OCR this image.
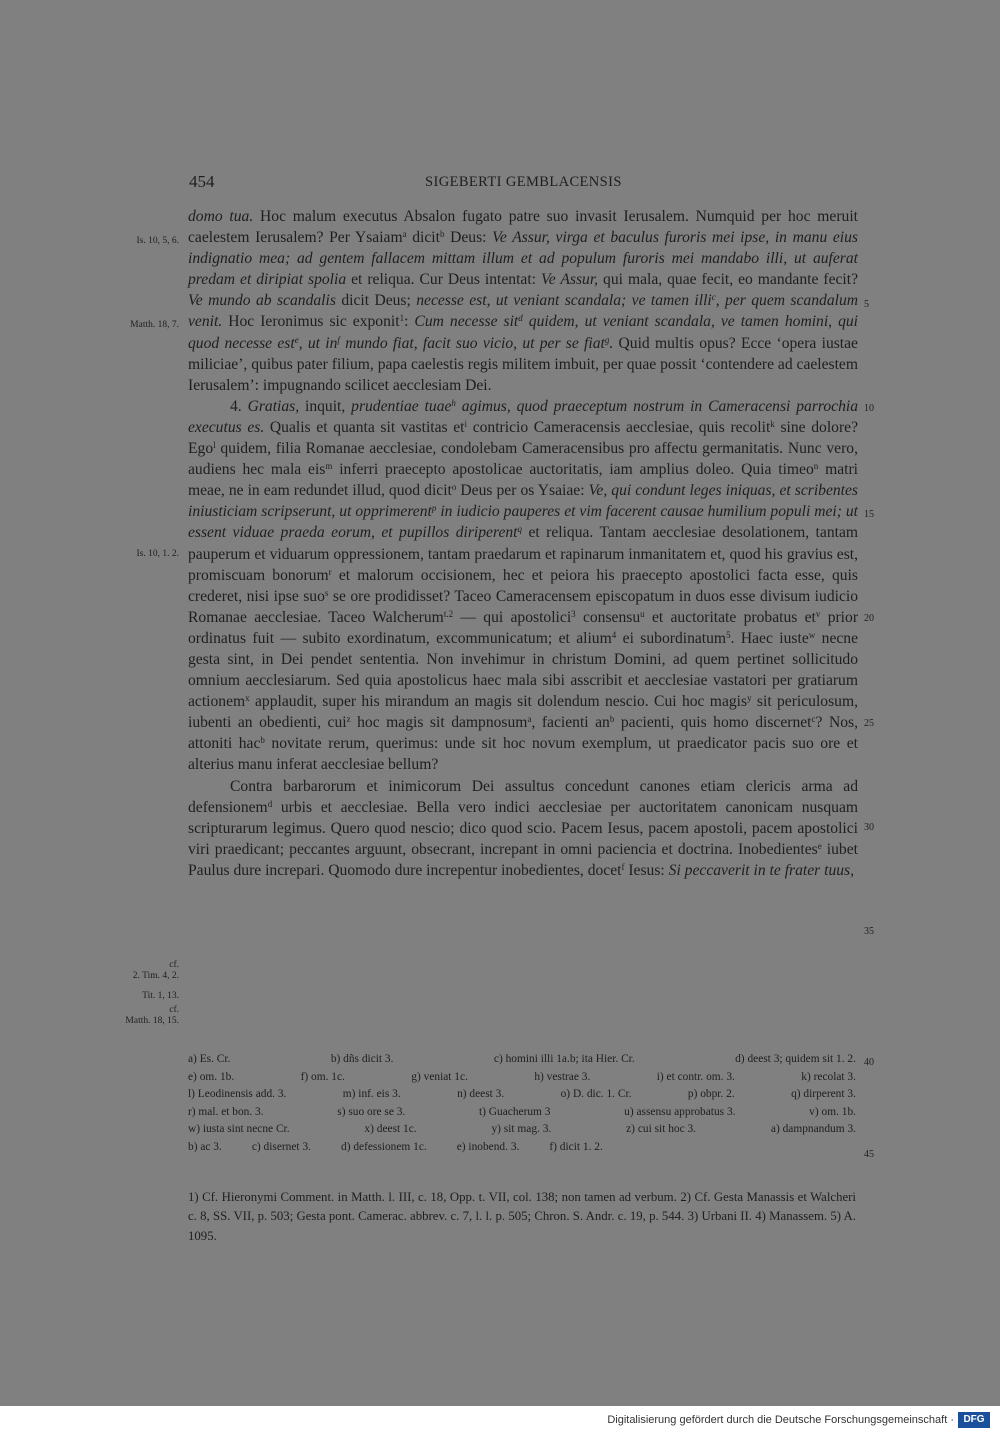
454	SIGEBERTI GEMBLACENSIS
Is. 10, 5, 6.
Matth. 18, 7.
Is. 10, 1. 2.
cf.
2. Tim. 4, 2.
Tit. 1, 13.
cf.
Matth. 18, 15.
5
10
15
20
25
30
35
40
45

domo tua. Hoc malum executus Absalon fugato patre suo invasit Ierusalem. Numquid per hoc meruit caelestem Ierusalem? Per Ysaiam$^a$ dicit$^b$ Deus: Ve Assur, virga et baculus furoris mei ipse, in manu eius indignatio mea; ad gentem fallacem mittam illum et ad populum furoris mei mandabo illi, ut auferat predam et diripiat spolia et reliqua. Cur Deus intentat: Ve Assur, qui mala, quae fecit, eo mandante fecit? Ve mundo ab scandalis dicit Deus; necesse est, ut veniant scandala; ve tamen illi$^c$, per quem scandalum venit. Hoc Ieronimus sic exponit$^1$: Cum necesse sit$^d$ quidem, ut veniant scandala, ve tamen homini, qui quod necesse est$^e$, ut $in^f$ mundo fiat, facit suo vicio, ut per se fiat$^g$. Quid multis opus? Ecce ‘opera iustae miliciae’, quibus pater filium, papa caelestis regis militem imbuit, per quae possit ‘contendere ad caelestem Ierusalem’: impugnando scilicet aecclesiam Dei.

4. Gratias, inquit, prudentiae tuae$^h$ agimus, quod praeceptum nostrum in Cameracensi parrochia executus es. Qualis et quanta sit vastitas $et^i$ contricio Cameracensis aecclesiae, quis recolit$^k$ sine dolore? Ego$^l$ quidem, filia Romanae aecclesiae, condolebam Cameracensibus pro affectu germanitatis. Nunc vero, audiens hec mala eis$^m$ inferri praecepto apostolicae auctoritatis, iam amplius doleo. Quia timeo$^n$ matri meae, ne in eam redundet illud, quod dicit$^o$ Deus per os Ysaiae: Ve, qui condunt leges iniquas, et scribentes iniusticiam scripserunt, ut opprimerent$^p$ in iudicio pauperes et vim facerent causae humilium populi mei; ut essent viduae praeda eorum, et pupillos diriperent$^q$ et reliqua. Tantam aecclesiae desolationem, tantam pauperum et viduarum oppressionem, tantam praedarum et rapinarum inmanitatem et, quod his gravius est, promiscuam bonorum$^r$ et malorum occisionem, hec et peiora his praecepto apostolici facta esse, quis crederet, nisi ipse suo$^s$ se ore prodidisset? Taceo Cameracensem episcopatum in duos esse divisum iudicio Romanae aecclesiae. Taceo Walcherum$^{t.2}$ — qui apostolici$^3$ consensu$^u$ et auctoritate probatus $et^v$ prior ordinatus fuit — subito exordinatum, excommunicatum; et alium$^4$ ei subordinatum$^5$. Haec iuste$^w$ necne gesta sint, in Dei pendet sententia. Non invehimur in christum Domini, ad quem pertinet sollicitudo omnium aecclesiarum. Sed quia apostolicus haec mala sibi asscribit et aecclesiae vastatori per gratiarum actionem$^x$ applaudit, super his mirandum an magis sit dolendum nescio. Cui hoc magis$^y$ sit periculosum, iubenti an obedienti, cui$^z$ hoc magis sit dampnosum$^a$, facienti $an^b$ pacienti, quis homo discernet$^c$? Nos, attoniti hac$^b$ novitate rerum, querimus: unde sit hoc novum exemplum, ut praedicator pacis suo ore et alterius manu inferat aecclesiae bellum?

Contra barbarorum et inimicorum Dei assultus concedunt canones etiam clericis arma ad defensionem$^d$ urbis et aecclesiae. Bella vero indici aecclesiae per auctoritatem canonicam nusquam scripturarum legimus. Quero quod nescio; dico quod scio. Pacem Iesus, pacem apostoli, pacem apostolici viri praedicant; peccantes arguunt, obsecrant, increpant in omni paciencia et doctrina. Inobedientes$^e$ iubet Paulus dure increpari. Quomodo dure increpentur inobedientes, docet$^f$ Iesus: Si peccaverit in te frater tuus,

a) Es. Cr.	b) dñs dicit 3.	c) homini illi 1a.b; ita Hier. Cr.	d) deest 3; quidem sit 1. 2.
e) om. 1b.	f) om. 1c.	g) veniat 1c.	h) vestrae 3.	i) et contr. om. 3.	k) recolat 3.
l) Leodinensis add. 3.	m) inf. eis 3.	n) deest 3.	o) D. dic. 1. Cr.	p) obpr. 2.	q) dirperent 3.
r) mal. et bon. 3.	s) suo ore se 3.	t) Guacherum 3	u) assensu approbatus 3.	v) om. 1b.
w) iusta sint necne Cr.	x) deest 1c.	y) sit mag. 3.	z) cui sit hoc 3.	a) dampnandum 3.
b) ac 3.	c) disernet 3.	d) defessionem 1c.	e) inobend. 3.	f) dicit 1. 2.

1) Cf. Hieronymi Comment. in Matth. l. III, c. 18, Opp. t. VII, col. 138; non tamen ad verbum. 2) Cf. Gesta Manassis et Walcheri c. 8, SS. VII, p. 503; Gesta pont. Camerac. abbrev. c. 7, l. l. p. 505; Chron. S. Andr. c. 19, p. 544. 3) Urbani II. 4) Manassem. 5) A. 1095.

Digitalisierung gefördert durch die Deutsche Forschungsgemeinschaft · DFG
